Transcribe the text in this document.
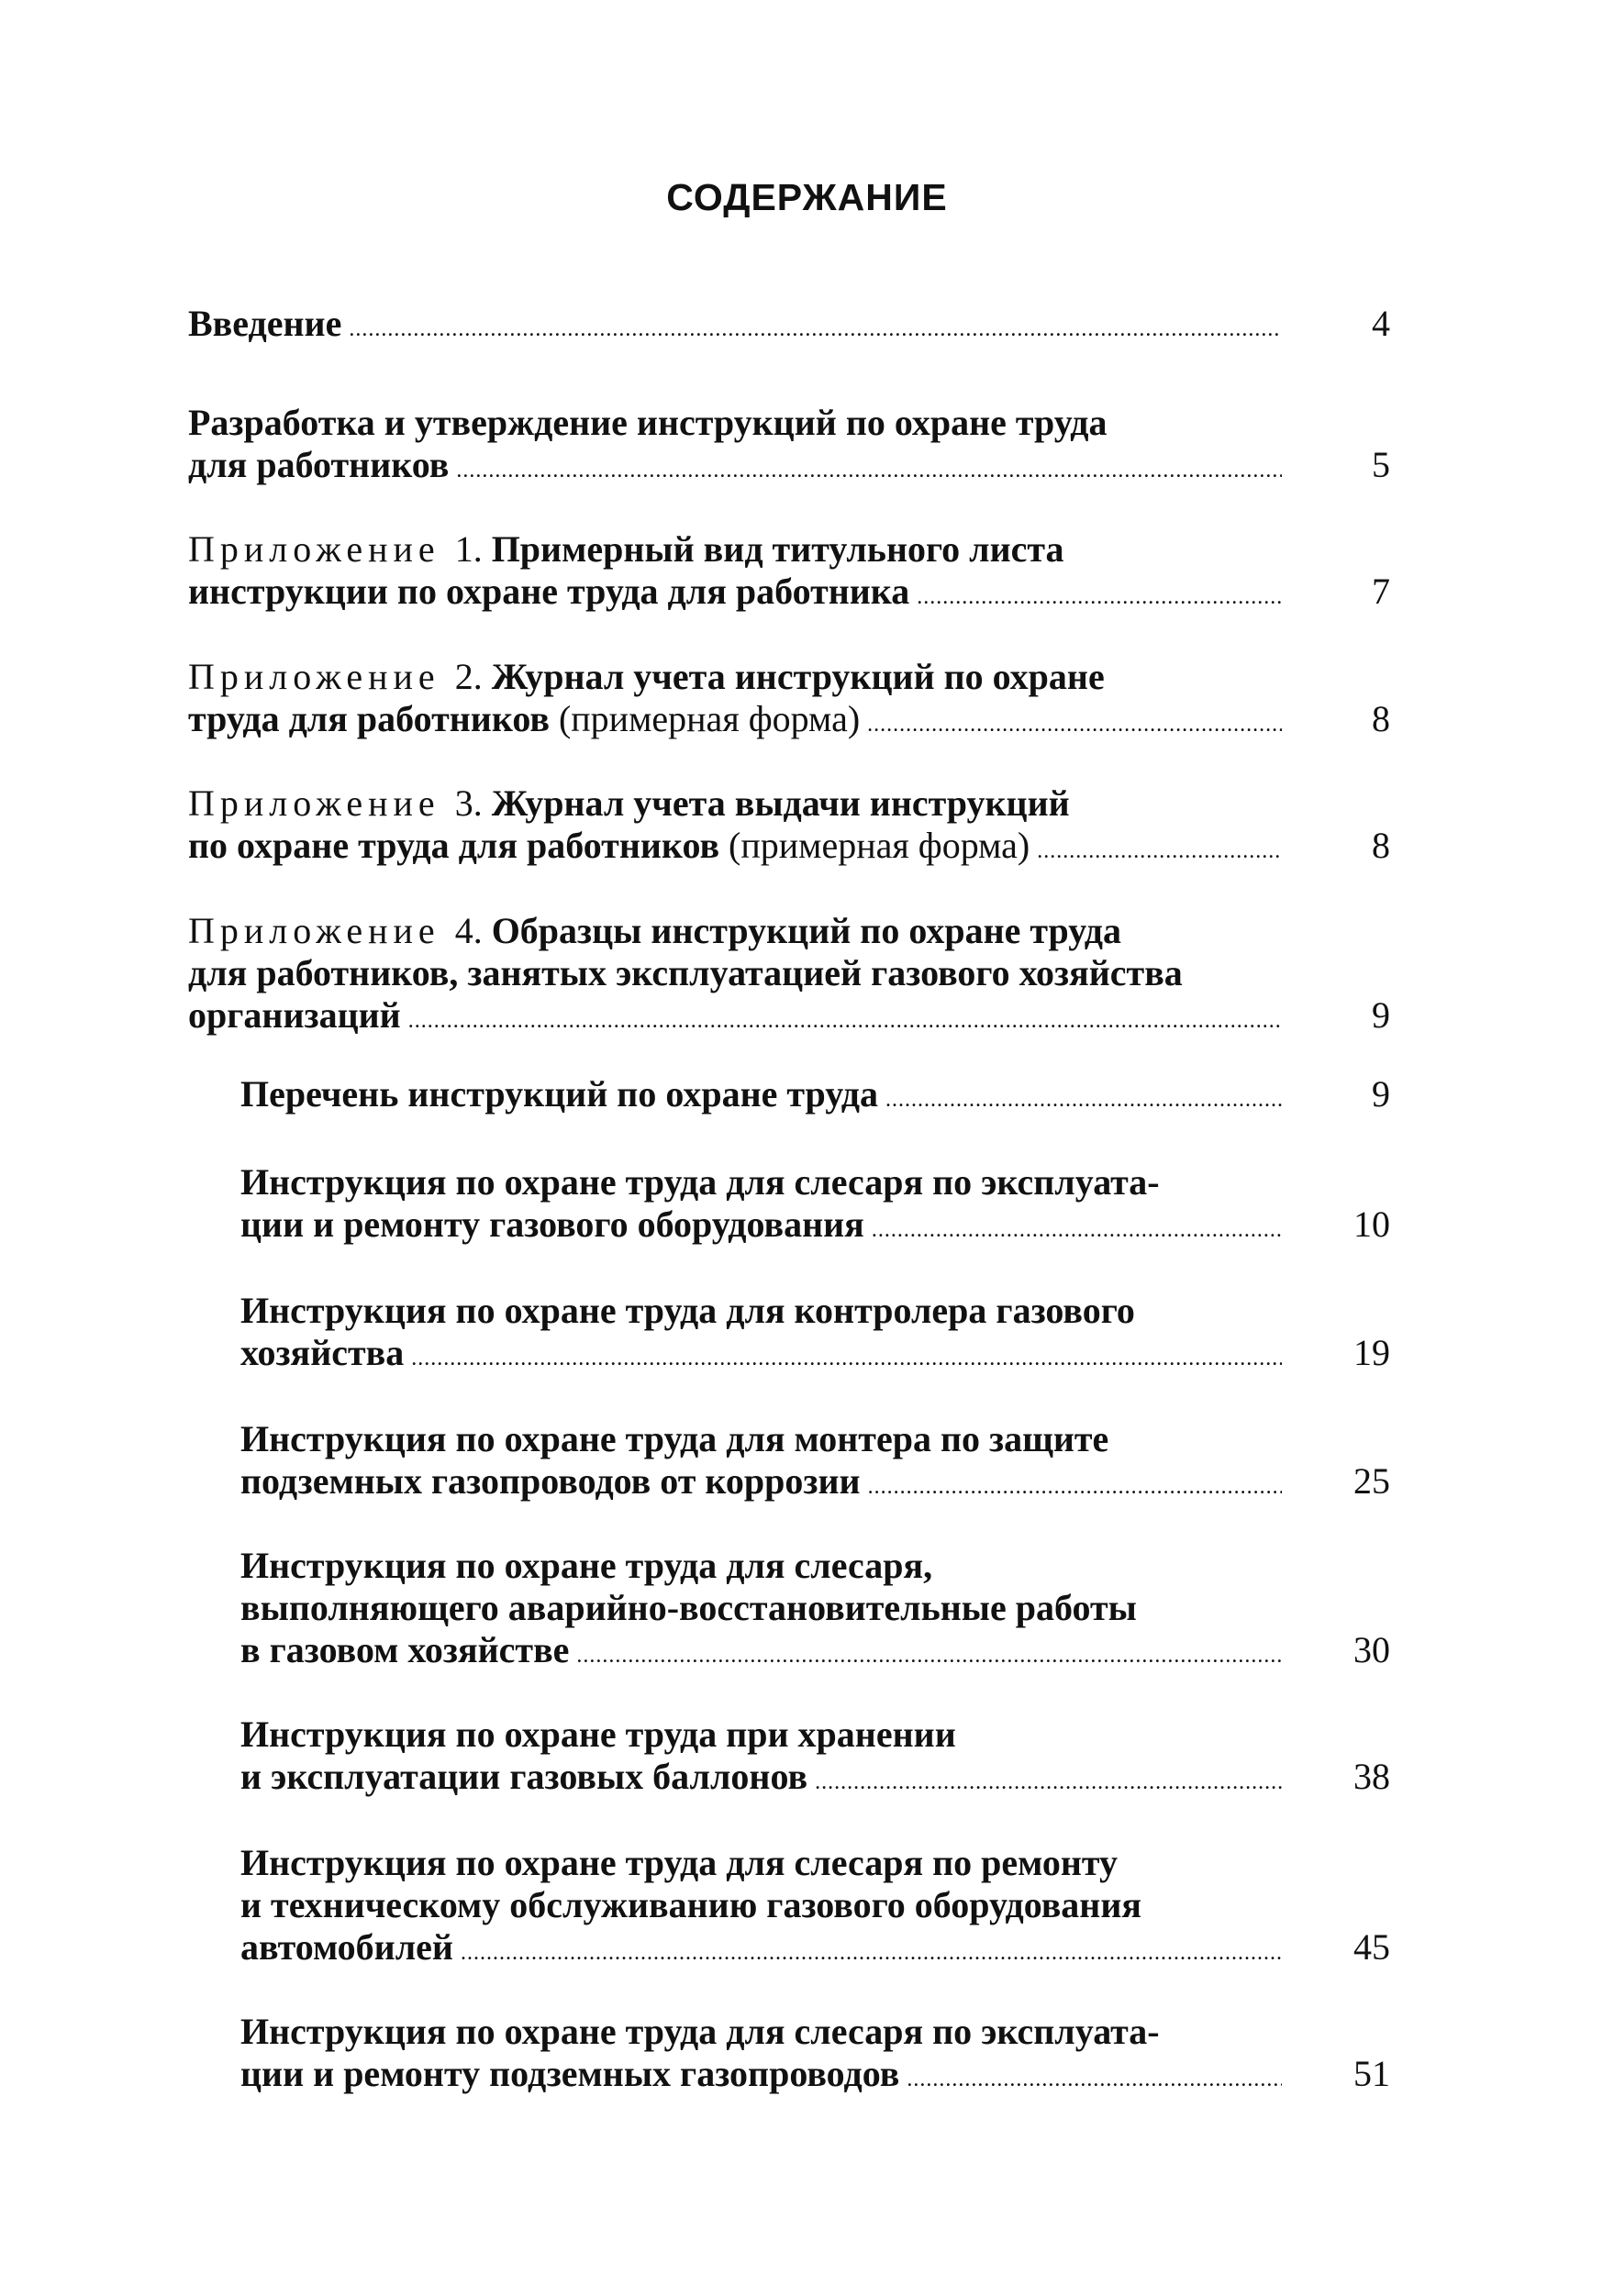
СОДЕРЖАНИЕ
Введение .....	4
Разработка и утверждение инструкций по охране труда
для работников .....	5
Приложение 1. Примерный вид титульного листа
инструкции по охране труда для работника .....	7
Приложение 2. Журнал учета инструкций по охране
труда для работников (примерная форма) .....	8
Приложение 3. Журнал учета выдачи инструкций
по охране труда для работников (примерная форма) .....	8
Приложение 4. Образцы инструкций по охране труда
для работников, занятых эксплуатацией газового хозяйства
организаций .....	9
Перечень инструкций по охране труда .....	9
Инструкция по охране труда для слесаря по эксплуата-
ции и ремонту газового оборудования .....	10
Инструкция по охране труда для контролера газового
хозяйства .....	19
Инструкция по охране труда для монтера по защите
подземных газопроводов от коррозии .....	25
Инструкция по охране труда для слесаря,
выполняющего аварийно-восстановительные работы
в газовом хозяйстве .....	30
Инструкция по охране труда при хранении
и эксплуатации газовых баллонов .....	38
Инструкция по охране труда для слесаря по ремонту
и техническому обслуживанию газового оборудования
автомобилей .....	45
Инструкция по охране труда для слесаря по эксплуата-
ции и ремонту подземных газопроводов .....	51
